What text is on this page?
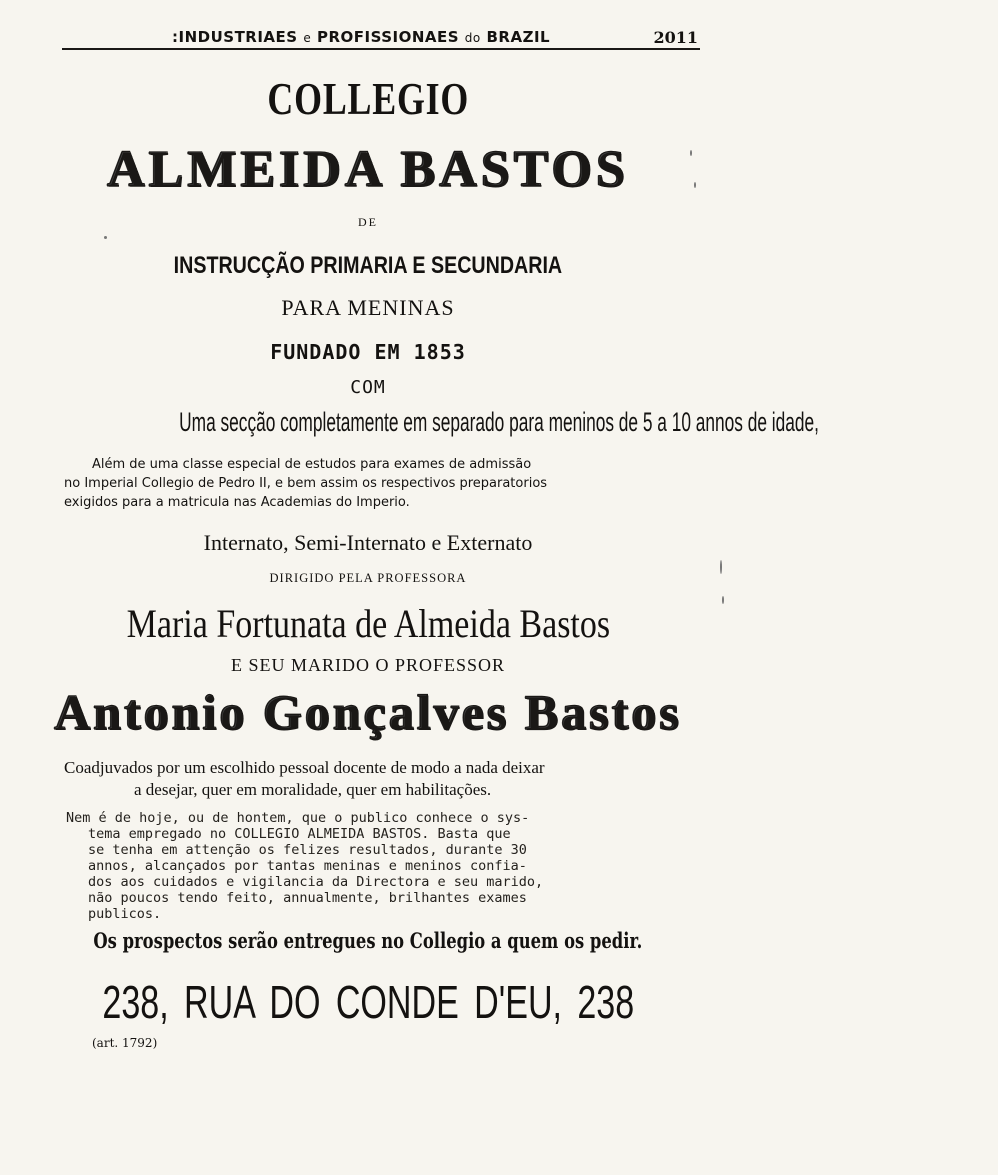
:INDUSTRIAES e PROFISSIONAES do BRAZIL	2011
COLLEGIO
ALMEIDA BASTOS
DE
INSTRUCÇÃO PRIMARIA E SECUNDARIA
PARA MENINAS
FUNDADO EM 1853
COM
Uma secção completamente em separado para meninos de 5 a 10 annos de idade,
Além de uma classe especial de estudos para exames de admissão
no Imperial Collegio de Pedro II, e bem assim os respectivos preparatorios
exigidos para a matricula nas Academias do Imperio.
Internato, Semi-Internato e Externato
DIRIGIDO PELA PROFESSORA
Maria Fortunata de Almeida Bastos
E SEU MARIDO O PROFESSOR
Antonio Gonçalves Bastos
Coadjuvados por um escolhido pessoal docente de modo a nada deixar
a desejar, quer em moralidade, quer em habilitações.
Nem é de hoje, ou de hontem, que o publico conhece o sys-
tema empregado no COLLEGIO ALMEIDA BASTOS. Basta que
se tenha em attenção os felizes resultados, durante 30
annos, alcançados por tantas meninas e meninos confia-
dos aos cuidados e vigilancia da Directora e seu marido,
não poucos tendo feito, annualmente, brilhantes exames
publicos.
Os prospectos serão entregues no Collegio a quem os pedir.
238, RUA DO CONDE D'EU, 238
(art. 1792)
